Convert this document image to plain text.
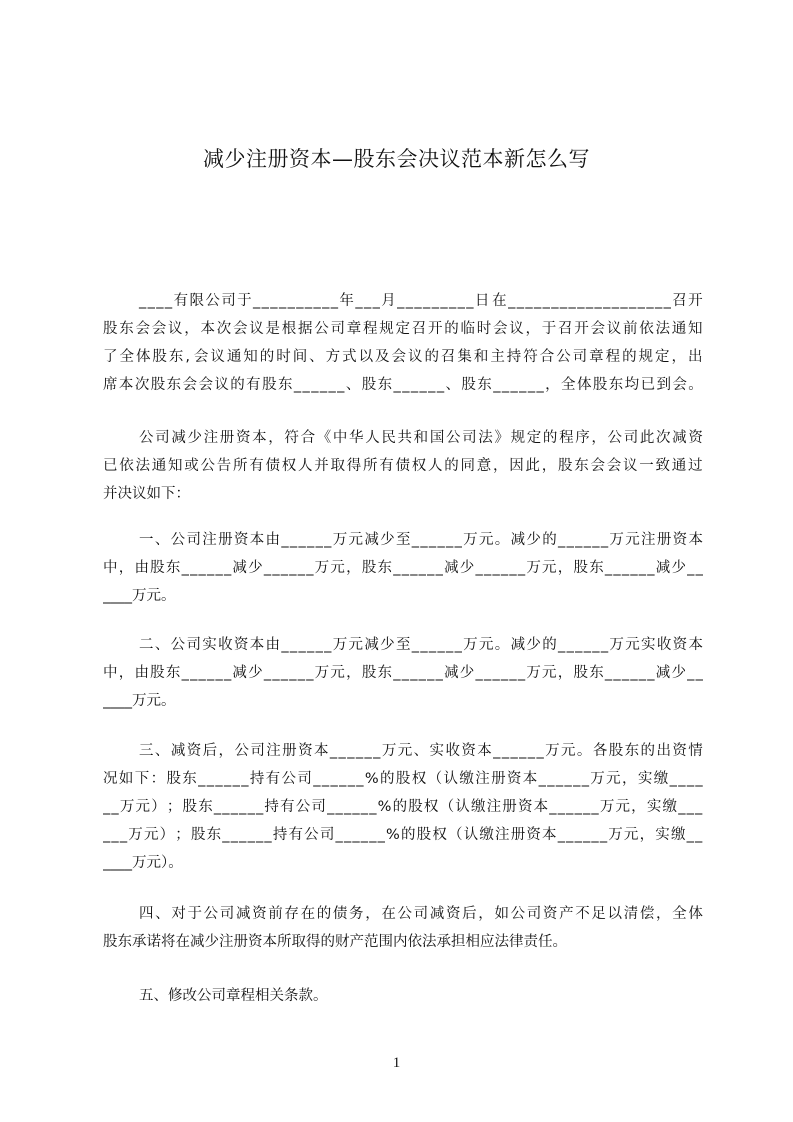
减少注册资本—股东会决议范本新怎么写
_ _ _ _ 有 限 公 司 于 _ _ _ _ _ _ _ _ _ _ 年 _ _ _ 月 _ _ _ _ _ _ _ _ _ 日 在 _ _ _ _ _ _ _ _ _ _ _ _ _ _ _ _ _ _ _ 召 开
股 东 会 会 议 ， 本 次 会 议 是 根 据 公 司 章 程 规 定 召 开 的 临 时 会 议 ， 于 召 开 会 议 前 依 法 通 知
了 全 体 股 东 , 会 议 通 知 的 时 间 、 方 式 以 及 会 议 的 召 集 和 主 持 符 合 公 司 章 程 的 规 定 ， 出
席 本 次 股 东 会 会 议 的 有 股 东 _ _ _ _ _ _ 、 股 东 _ _ _ _ _ _ 、 股 东 _ _ _ _ _ _ ， 全 体 股 东 均 已 到 会 。
公 司 减 少 注 册 资 本 ， 符 合 《 中 华 人 民 共 和 国 公 司 法 》 规 定 的 程 序 ， 公 司 此 次 减 资
已 依 法 通 知 或 公 告 所 有 债 权 人 并 取 得 所 有 债 权 人 的 同 意 ， 因 此 ， 股 东 会 会 议 一 致 通 过
并决议如下：
一 、 公 司 注 册 资 本 由 _ _ _ _ _ _ 万 元 减 少 至 _ _ _ _ _ _ 万 元 。 减 少 的 _ _ _ _ _ _ 万 元 注 册 资 本
中 ， 由 股 东 _ _ _ _ _ _ 减 少 _ _ _ _ _ _ 万 元 ， 股 东 _ _ _ _ _ _ 减 少 _ _ _ _ _ _ 万 元 ， 股 东 _ _ _ _ _ _ 减 少 _ _
____万元。
二 、 公 司 实 收 资 本 由 _ _ _ _ _ _ 万 元 减 少 至 _ _ _ _ _ _ 万 元 。 减 少 的 _ _ _ _ _ _ 万 元 实 收 资 本
中 ， 由 股 东 _ _ _ _ _ _ 减 少 _ _ _ _ _ _ 万 元 ， 股 东 _ _ _ _ _ _ 减 少 _ _ _ _ _ _ 万 元 ， 股 东 _ _ _ _ _ _ 减 少 _ _
____万元。
三 、 减 资 后 ， 公 司 注 册 资 本 _ _ _ _ _ _ 万 元 、 实 收 资 本 _ _ _ _ _ _ 万 元 。 各 股 东 的 出 资 情
况 如 下 ： 股 东 _ _ _ _ _ _ 持 有 公 司 _ _ _ _ _ _ % 的 股 权 （ 认 缴 注 册 资 本 _ _ _ _ _ _ 万 元 ， 实 缴 _ _ _ _
_ _ 万 元 ） ； 股 东 _ _ _ _ _ _ 持 有 公 司 _ _ _ _ _ _ % 的 股 权 （ 认 缴 注 册 资 本 _ _ _ _ _ _ 万 元 ， 实 缴 _ _ _
_ _ _ 万 元 ） ； 股 东 _ _ _ _ _ _ 持 有 公 司 _ _ _ _ _ _ % 的 股 权 （ 认 缴 注 册 资 本 _ _ _ _ _ _ 万 元 ， 实 缴 _ _
____万元）。
四 、 对 于 公 司 减 资 前 存 在 的 债 务 ， 在 公 司 减 资 后 ， 如 公 司 资 产 不 足 以 清 偿 ， 全 体
股东承诺将在减少注册资本所取得的财产范围内依法承担相应法律责任。
五、修改公司章程相关条款。
1
